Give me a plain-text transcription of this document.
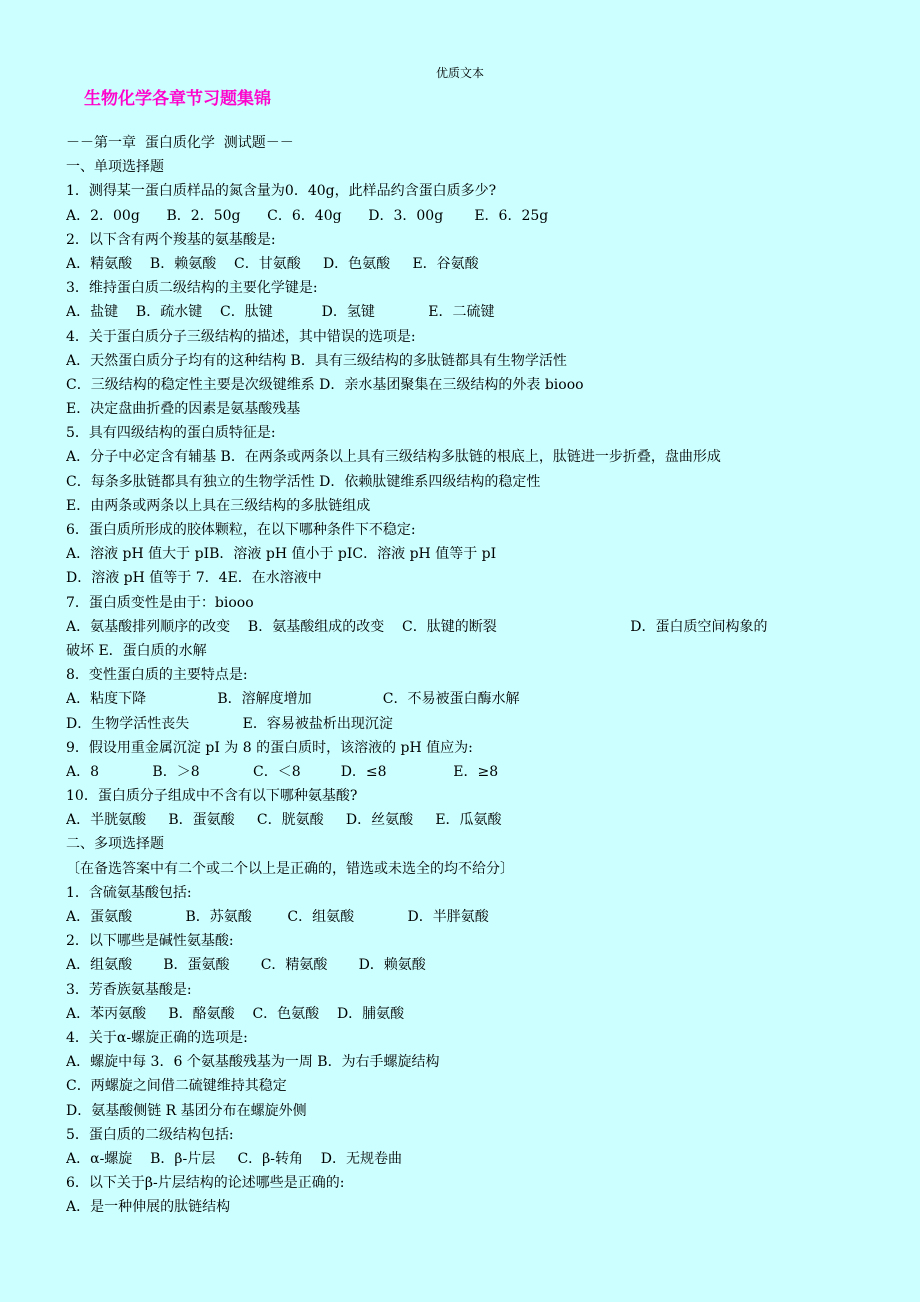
优质文本
生物化学各章节习题集锦
－－第一章  蛋白质化学  测试题－－
一、单项选择题
1．测得某一蛋白质样品的氮含量为0．40g，此样品约含蛋白质多少?
A．2．00g      B．2．50g      C．6．40g      D．3．00g       E．6．25g
2．以下含有两个羧基的氨基酸是:
A．精氨酸    B．赖氨酸    C．甘氨酸     D．色氨酸     E．谷氨酸
3．维持蛋白质二级结构的主要化学键是:
A．盐键    B．疏水键    C．肽键           D．氢键            E．二硫键
4．关于蛋白质分子三级结构的描述，其中错误的选项是:
A．天然蛋白质分子均有的这种结构 B．具有三级结构的多肽链都具有生物学活性
C．三级结构的稳定性主要是次级键维系 D．亲水基团聚集在三级结构的外表 biooo
E．决定盘曲折叠的因素是氨基酸残基
5．具有四级结构的蛋白质特征是:
A．分子中必定含有辅基 B．在两条或两条以上具有三级结构多肽链的根底上，肽链进一步折叠，盘曲形成
C．每条多肽链都具有独立的生物学活性 D．依赖肽键维系四级结构的稳定性
E．由两条或两条以上具在三级结构的多肽链组成
6．蛋白质所形成的胶体颗粒，在以下哪种条件下不稳定:
A．溶液 pH 值大于 pIB．溶液 pH 值小于 pIC．溶液 pH 值等于 pI
D．溶液 pH 值等于 7．4E．在水溶液中
7．蛋白质变性是由于：biooo
A．氨基酸排列顺序的改变    B．氨基酸组成的改变    C．肽键的断裂                              D．蛋白质空间构象的
破坏 E．蛋白质的水解
8．变性蛋白质的主要特点是:
A．粘度下降                B．溶解度增加                C．不易被蛋白酶水解
D．生物学活性丧失            E．容易被盐析出现沉淀
9．假设用重金属沉淀 pI 为 8 的蛋白质时，该溶液的 pH 值应为:
A．8            B．＞8            C．＜8         D．≤8               E．≥8
10．蛋白质分子组成中不含有以下哪种氨基酸?
A．半胱氨酸     B．蛋氨酸     C．胱氨酸     D．丝氨酸     E．瓜氨酸
二、多项选择题
〔在备选答案中有二个或二个以上是正确的，错选或未选全的均不给分〕
1．含硫氨基酸包括:
A．蛋氨酸            B．苏氨酸        C．组氨酸            D．半胖氨酸
2．以下哪些是碱性氨基酸:
A．组氨酸       B．蛋氨酸       C．精氨酸       D．赖氨酸
3．芳香族氨基酸是:
A．苯丙氨酸     B．酪氨酸    C．色氨酸    D．脯氨酸
4．关于α-螺旋正确的选项是:
A．螺旋中每 3．6 个氨基酸残基为一周 B．为右手螺旋结构
C．两螺旋之间借二硫键维持其稳定
D．氨基酸侧链 R 基团分布在螺旋外侧
5．蛋白质的二级结构包括:
A．α-螺旋    B．β-片层     C．β-转角    D．无规卷曲
6．以下关于β-片层结构的论述哪些是正确的:
A．是一种伸展的肽链结构
